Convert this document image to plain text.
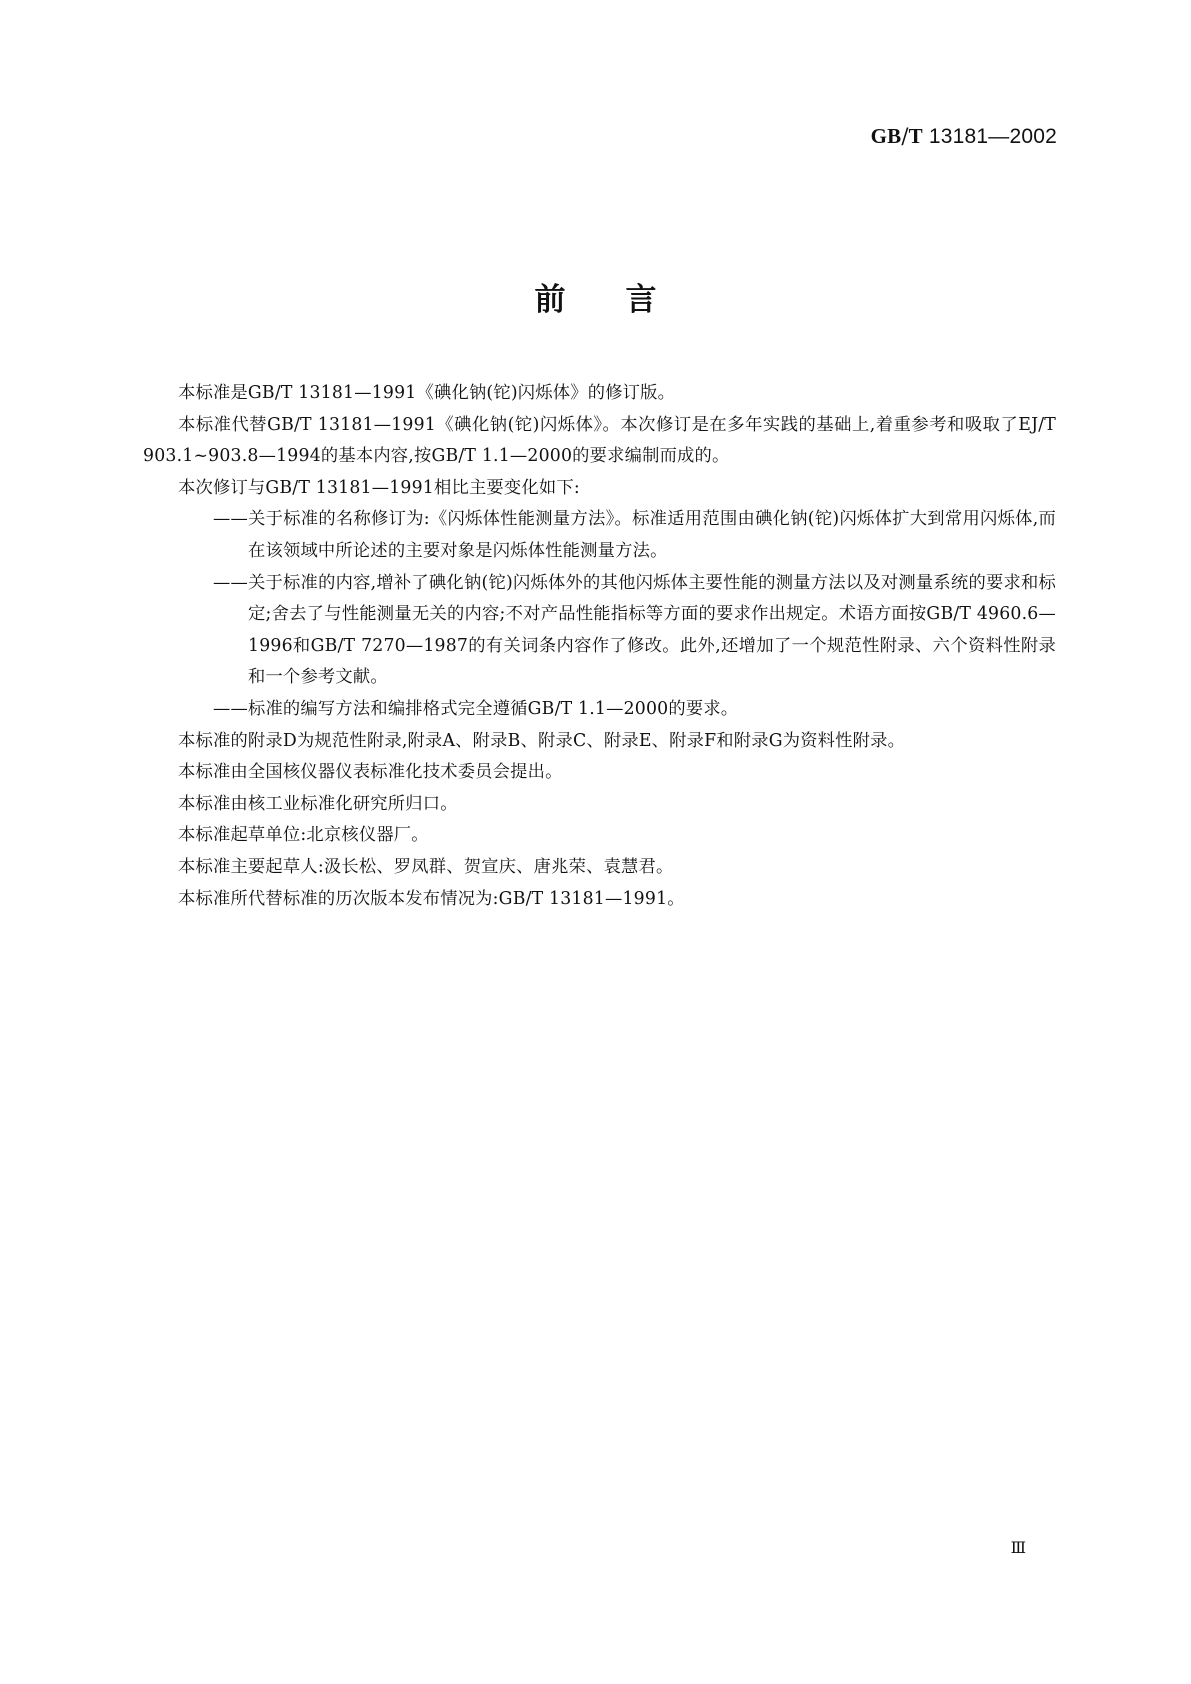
GB/T 13181—2002
前言

本标准是GB/T 13181—1991《碘化钠(铊)闪烁体》的修订版。

本标准代替GB/T 13181—1991《碘化钠(铊)闪烁体》。本次修订是在多年实践的基础上,着重参考和吸取了EJ/T 903.1~903.8—1994的基本内容,按GB/T 1.1—2000的要求编制而成的。

本次修订与GB/T 13181—1991相比主要变化如下:

——关于标准的名称修订为:《闪烁体性能测量方法》。标准适用范围由碘化钠(铊)闪烁体扩大到常用闪烁体,而在该领域中所论述的主要对象是闪烁体性能测量方法。

——关于标准的内容,增补了碘化钠(铊)闪烁体外的其他闪烁体主要性能的测量方法以及对测量系统的要求和标定;舍去了与性能测量无关的内容;不对产品性能指标等方面的要求作出规定。术语方面按GB/T 4960.6—1996和GB/T 7270—1987的有关词条内容作了修改。此外,还增加了一个规范性附录、六个资料性附录和一个参考文献。

——标准的编写方法和编排格式完全遵循GB/T 1.1—2000的要求。

本标准的附录D为规范性附录,附录A、附录B、附录C、附录E、附录F和附录G为资料性附录。

本标准由全国核仪器仪表标准化技术委员会提出。

本标准由核工业标准化研究所归口。

本标准起草单位:北京核仪器厂。

本标准主要起草人:汲长松、罗凤群、贺宣庆、唐兆荣、袁慧君。

本标准所代替标准的历次版本发布情况为:GB/T 13181—1991。

Ⅲ
